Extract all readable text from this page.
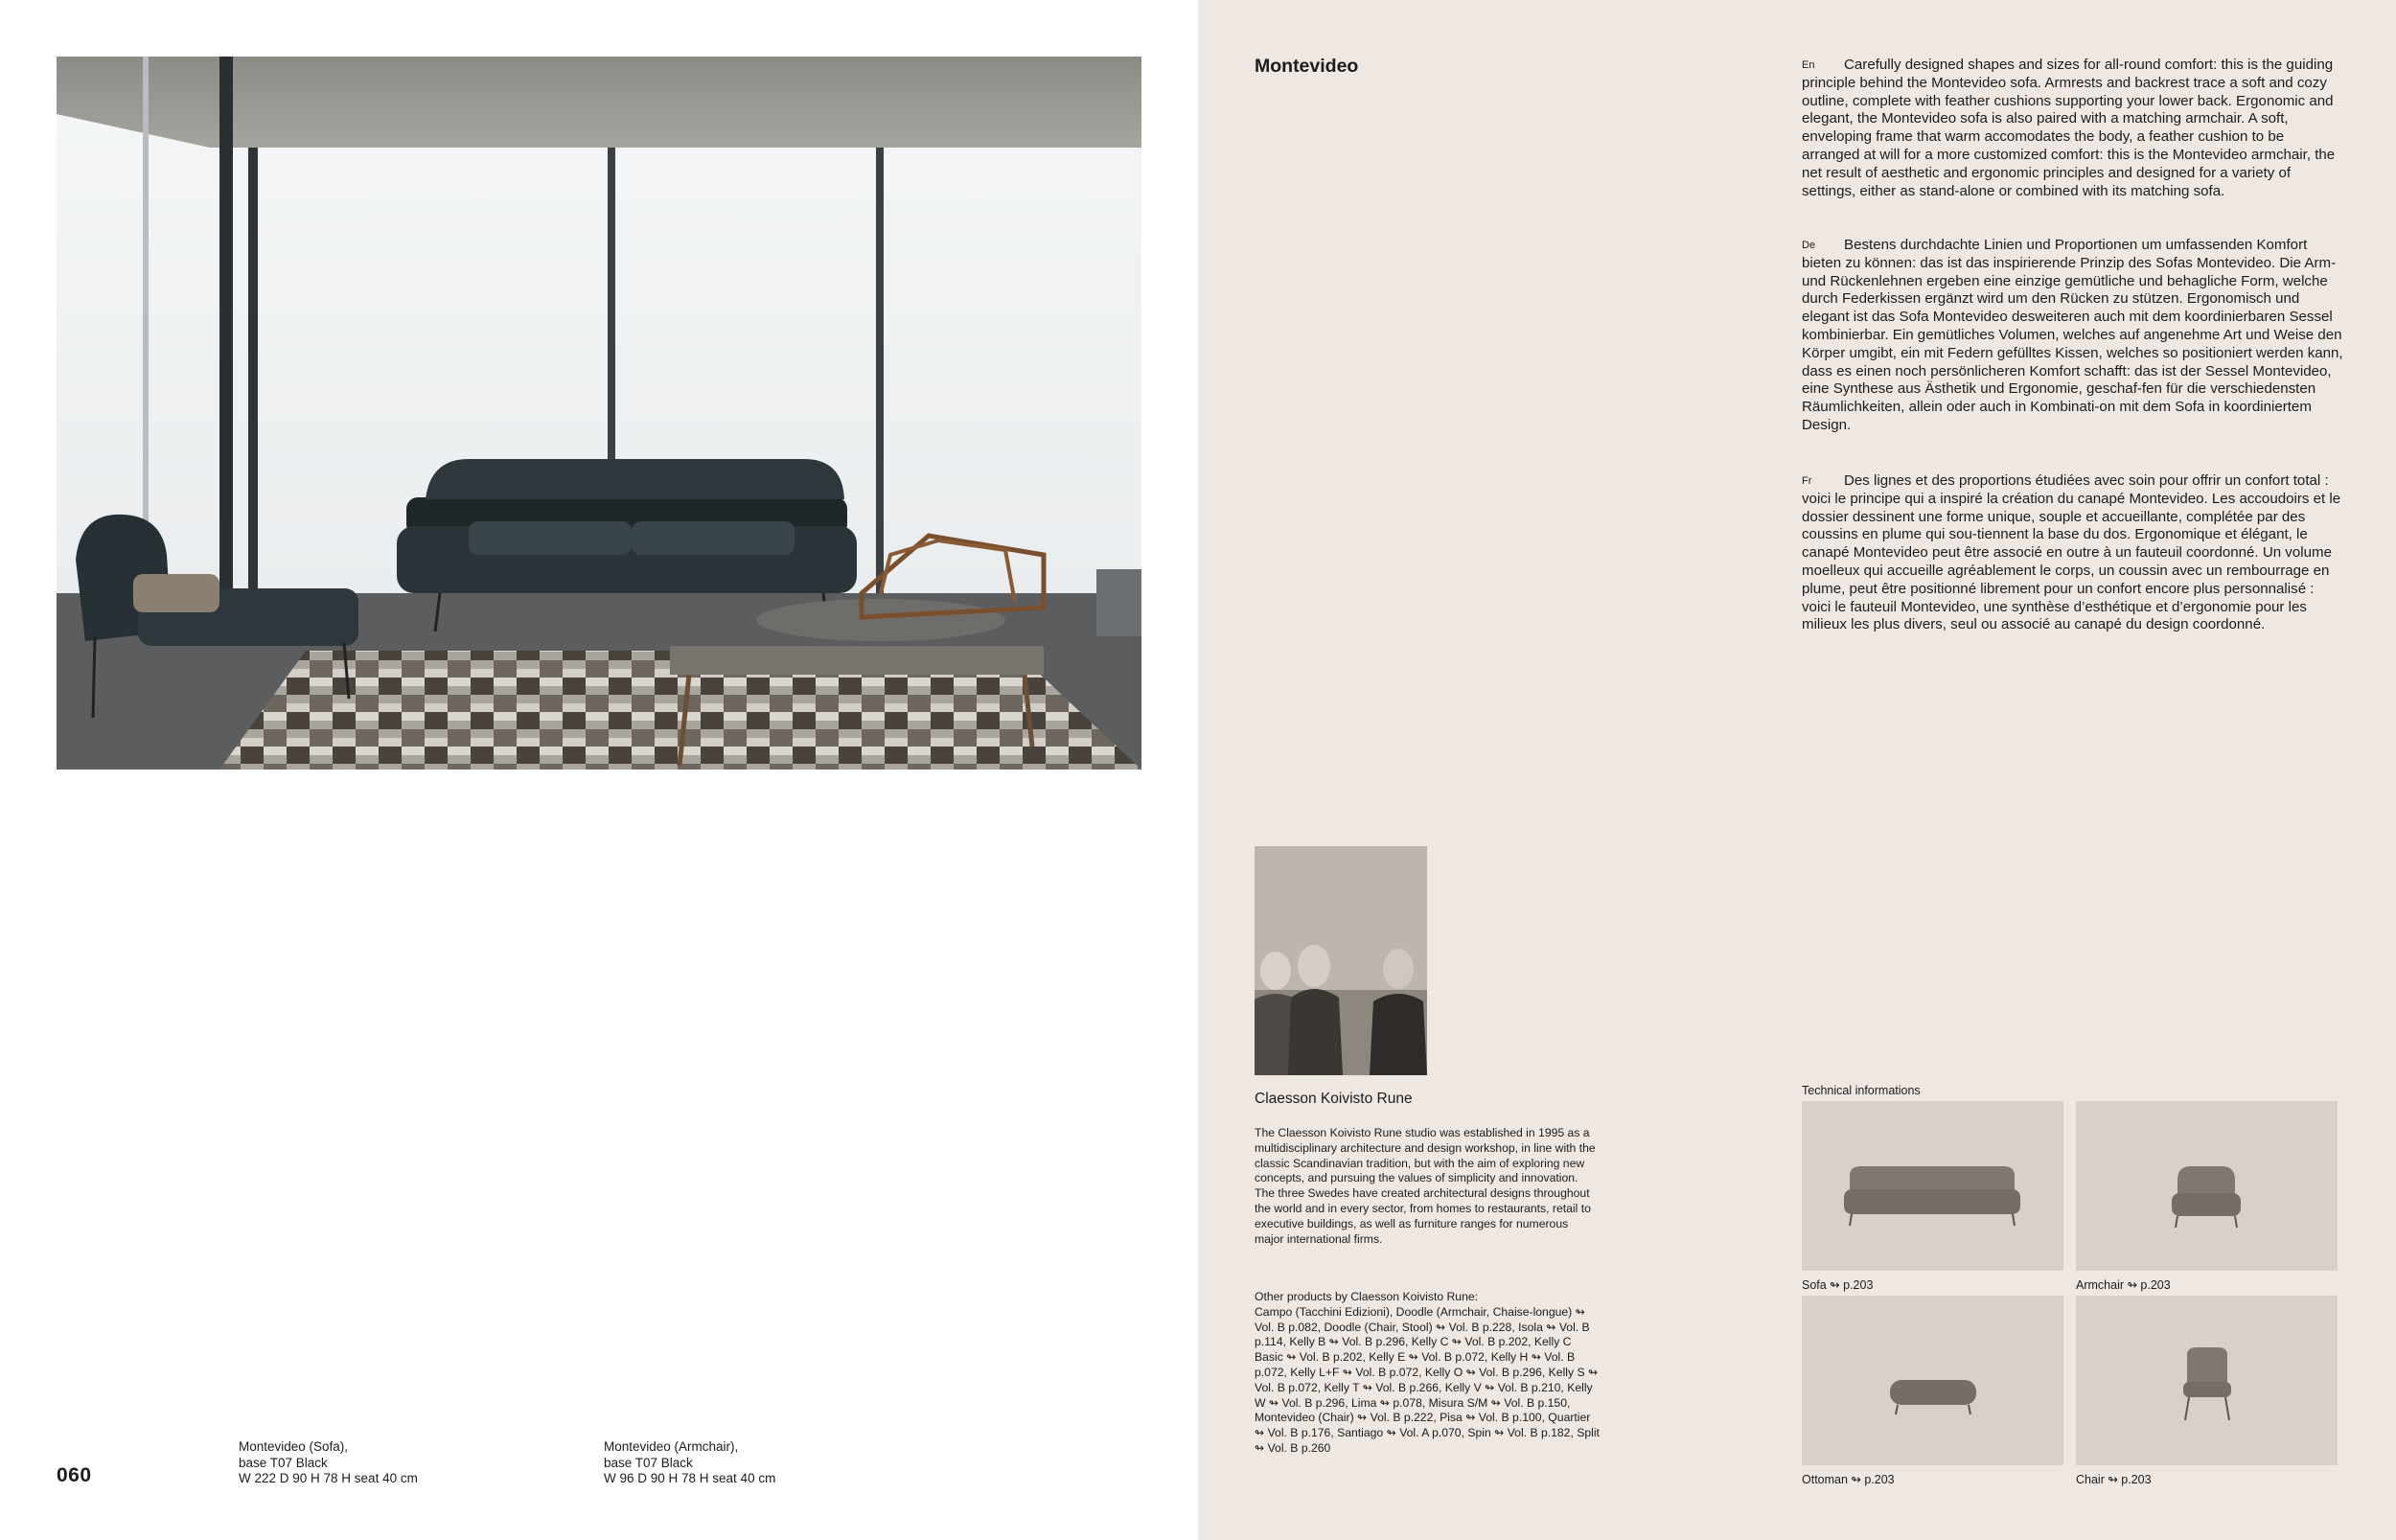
Montevideo (Sofa),
base T07 Black
W 222 D 90 H 78 H seat 40 cm
Montevideo (Armchair),
base T07 Black
W 96 D 90 H 78 H seat 40 cm
060
Montevideo	En Carefully designed shapes and sizes for all-round comfort: this is the guiding principle behind the Montevideo sofa. Armrests and backrest trace a soft and cozy outline, complete with feather cushions supporting your lower back. Ergonomic and elegant, the Montevideo sofa is also paired with a matching armchair. A soft, enveloping frame that warm accomodates the body, a feather cushion to be arranged at will for a more customized comfort: this is the Montevideo armchair, the net result of aesthetic and ergonomic principles and designed for a variety of settings, either as stand-alone or combined with its matching sofa.
De Bestens durchdachte Linien und Proportionen um umfassenden Komfort bieten zu können: das ist das inspirierende Prinzip des Sofas Montevideo. Die Arm- und Rückenlehnen ergeben eine einzige gemütliche und behagliche Form, welche durch Federkissen ergänzt wird um den Rücken zu stützen. Ergonomisch und elegant ist das Sofa Montevideo desweiteren auch mit dem koordinierbaren Sessel kombinierbar. Ein gemütliches Volumen, welches auf angenehme Art und Weise den Körper umgibt, ein mit Federn gefülltes Kissen, welches so positioniert werden kann, dass es einen noch persönlicheren Komfort schafft: das ist der Sessel Montevideo, eine Synthese aus Ästhetik und Ergonomie, geschaf-fen für die verschiedensten Räumlichkeiten, allein oder auch in Kombinati-on mit dem Sofa in koordiniertem Design.
Fr Des lignes et des proportions étudiées avec soin pour offrir un confort total : voici le principe qui a inspiré la création du canapé Montevideo. Les accoudoirs et le dossier dessinent une forme unique, souple et accueillante, complétée par des coussins en plume qui sou-tiennent la base du dos. Ergonomique et élégant, le canapé Montevideo peut être associé en outre à un fauteuil coordonné. Un volume moelleux qui accueille agréablement le corps, un coussin avec un rembourrage en plume, peut être positionné librement pour un confort encore plus personnalisé : voici le fauteuil Montevideo, une synthèse d’esthétique et d’ergonomie pour les milieux les plus divers, seul ou associé au canapé du design coordonné.
Claesson Koivisto Rune
The Claesson Koivisto Rune studio was established in 1995 as a multidisciplinary architecture and design workshop, in line with the classic Scandinavian tradition, but with the aim of exploring new concepts, and pursuing the values of simplicity and innovation. The three Swedes have created architectural designs throughout the world and in every sector, from homes to restaurants, retail to executive buildings, as well as furniture ranges for numerous major international firms.

Other products by Claesson Koivisto Rune:

Campo (Tacchini Edizioni), Doodle (Armchair, Chaise-longue) ↬ Vol. B p.082, Doodle (Chair, Stool) ↬ Vol. B p.228, Isola ↬ Vol. B p.114, Kelly B ↬ Vol. B p.296, Kelly C ↬ Vol. B p.202, Kelly C Basic ↬ Vol. B p.202, Kelly E ↬ Vol. B p.072, Kelly H ↬ Vol. B p.072, Kelly L+F ↬ Vol. B p.072, Kelly O ↬ Vol. B p.296, Kelly S ↬ Vol. B p.072, Kelly T ↬ Vol. B p.266, Kelly V ↬ Vol. B p.210, Kelly W ↬ Vol. B p.296, Lima ↬ p.078, Misura S/M ↬ Vol. B p.150, Montevideo (Chair) ↬ Vol. B p.222, Pisa ↬ Vol. B p.100, Quartier ↬ Vol. B p.176, Santiago ↬ Vol. A p.070, Spin ↬ Vol. B p.182, Split ↬ Vol. B p.260

Technical informations
Sofa ↬ p.203	Armchair ↬ p.203
Ottoman ↬ p.203	Chair ↬ p.203
